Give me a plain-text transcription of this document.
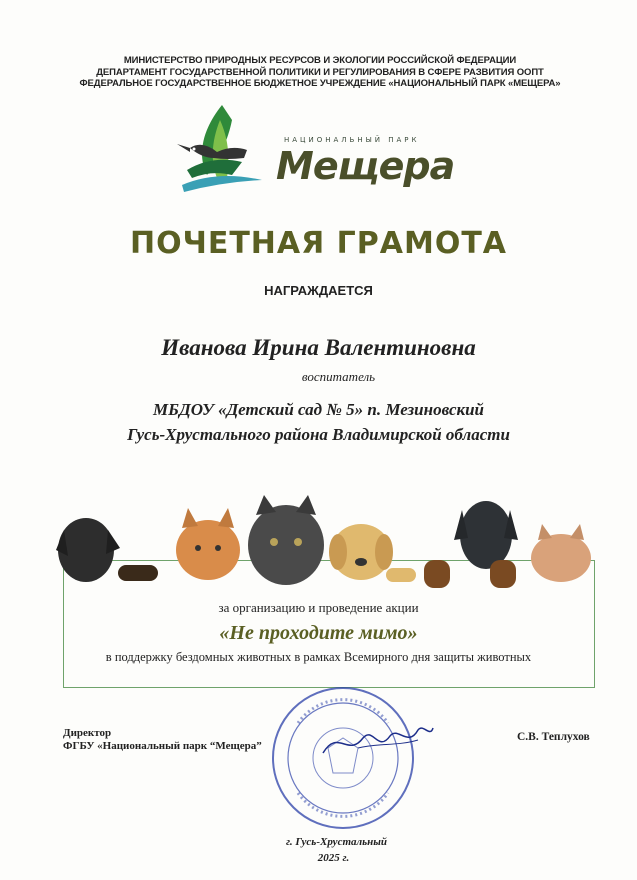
МИНИСТЕРСТВО ПРИРОДНЫХ РЕСУРСОВ И ЭКОЛОГИИ РОССИЙСКОЙ ФЕДЕРАЦИИ
ДЕПАРТАМЕНТ ГОСУДАРСТВЕННОЙ ПОЛИТИКИ И РЕГУЛИРОВАНИЯ В СФЕРЕ РАЗВИТИЯ ООПТ
ФЕДЕРАЛЬНОЕ ГОСУДАРСТВЕННОЕ БЮДЖЕТНОЕ УЧРЕЖДЕНИЕ «НАЦИОНАЛЬНЫЙ ПАРК «МЕЩЕРА»
НАЦИОНАЛЬНЫЙ ПАРК
Мещера
ПОЧЕТНАЯ ГРАМОТА
НАГРАЖДАЕТСЯ
Иванова Ирина Валентиновна
воспитатель
МБДОУ «Детский сад № 5» п. Мезиновский
Гусь-Хрустального района Владимирской области
за организацию и проведение акции
«Не проходите мимо»
в поддержку бездомных животных в рамках Всемирного дня защиты животных
Директор
ФГБУ «Национальный парк “Мещера”
С.В. Теплухов
г. Гусь-Хрустальный
2025 г.
